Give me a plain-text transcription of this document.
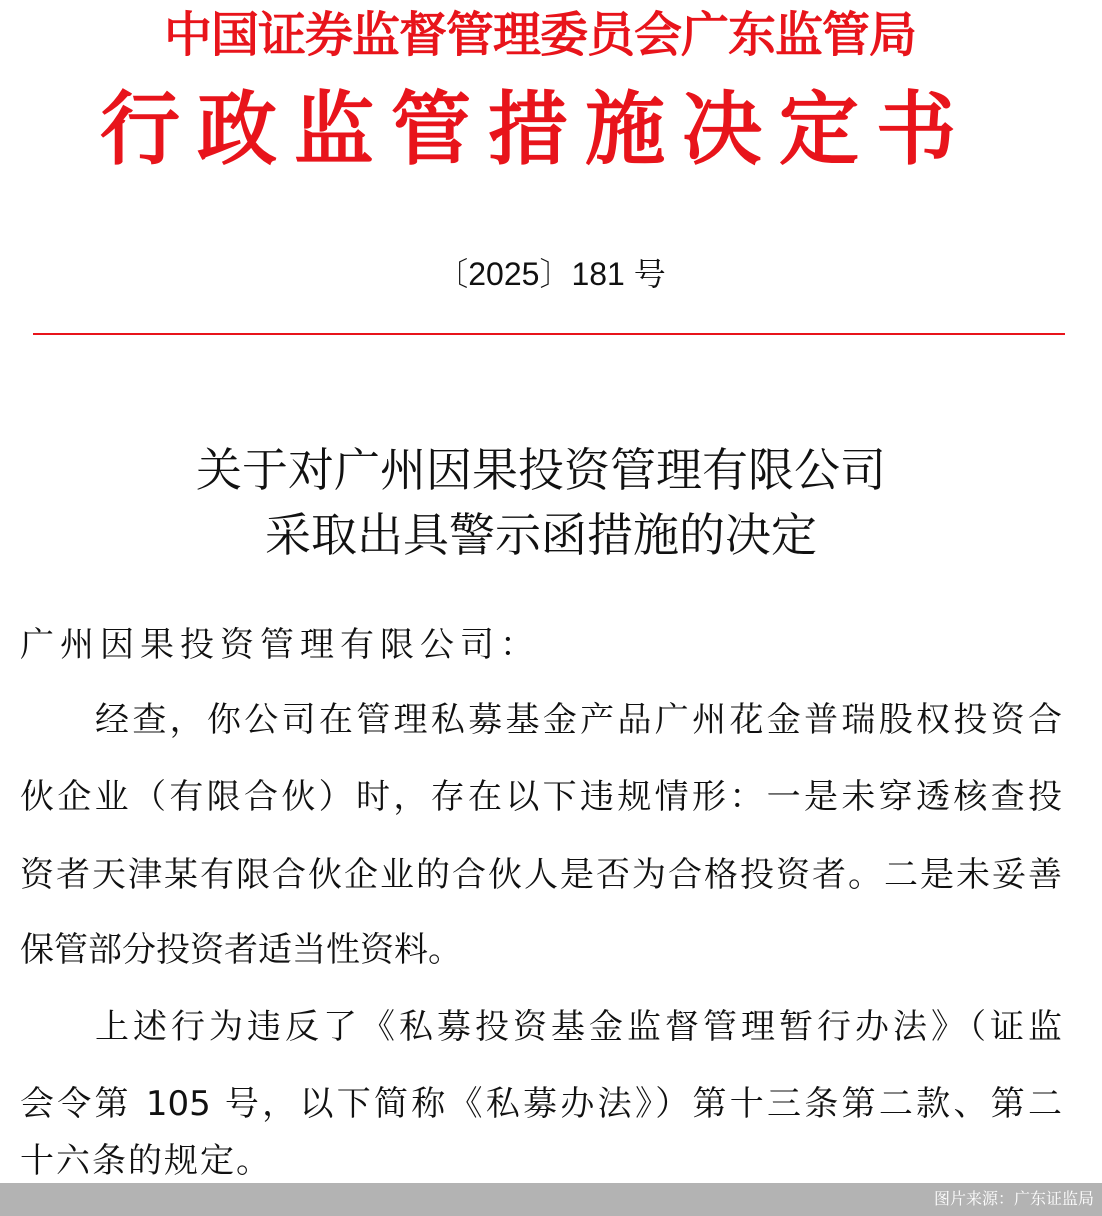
中国证券监督管理委员会广东监管局
行政监管措施决定书
〔2025〕181 号
关于对广州因果投资管理有限公司
采取出具警示函措施的决定
广州因果投资管理有限公司：
经查，你公司在管理私募基金产品广州花金普瑞股权投资合
伙企业（有限合伙）时，存在以下违规情形：一是未穿透核查投
资者天津某有限合伙企业的合伙人是否为合格投资者。二是未妥善
保管部分投资者适当性资料。
上述行为违反了《私募投资基金监督管理暂行办法》（证监
会令第 105 号，以下简称《私募办法》）第十三条第二款、第二
十六条的规定。
图片来源：广东证监局
